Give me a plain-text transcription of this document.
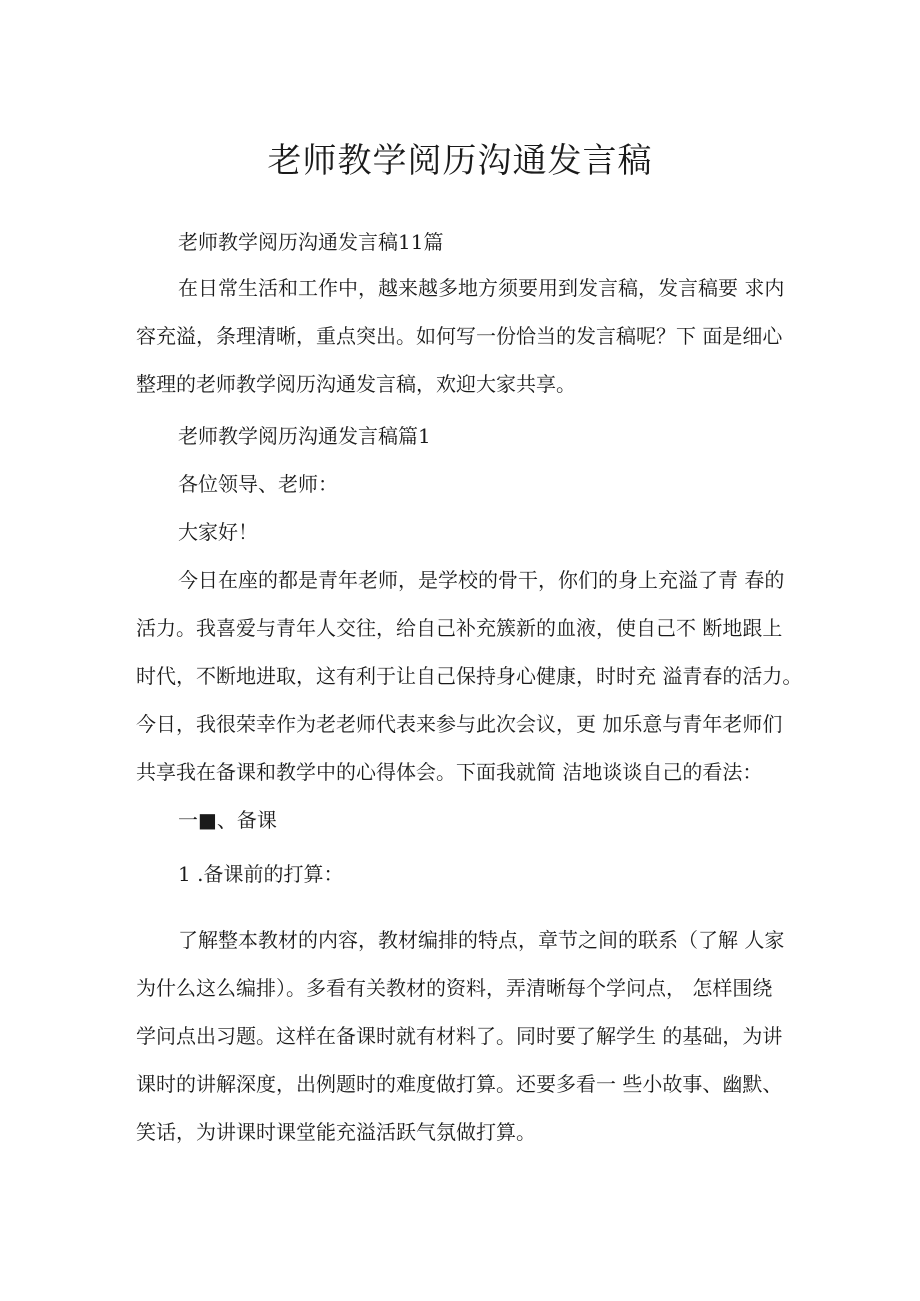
老师教学阅历沟通发言稿

老师教学阅历沟通发言稿11篇

在日常生活和工作中，越来越多地方须要用到发言稿，发言稿要 求内

容充溢，条理清晰，重点突出。如何写一份恰当的发言稿呢？下 面是细心

整理的老师教学阅历沟通发言稿，欢迎大家共享。

老师教学阅历沟通发言稿篇1

各位领导、老师：

大家好！

今日在座的都是青年老师，是学校的骨干，你们的身上充溢了青 春的

活力。我喜爱与青年人交往，给自己补充簇新的血液，使自己不 断地跟上

时代，不断地进取，这有利于让自己保持身心健康，时时充 溢青春的活力。

今日，我很荣幸作为老老师代表来参与此次会议，更 加乐意与青年老师们

共享我在备课和教学中的心得体会。下面我就简 洁地谈谈自己的看法：

一■、备课

1 .备课前的打算：

了解整本教材的内容，教材编排的特点，章节之间的联系（了解 人家

为什么这么编排）。多看有关教材的资料，弄清晰每个学问点， 怎样围绕

学问点出习题。这样在备课时就有材料了。同时要了解学生 的基础，为讲

课时的讲解深度，出例题时的难度做打算。还要多看一 些小故事、幽默、

笑话，为讲课时课堂能充溢活跃气氛做打算。
